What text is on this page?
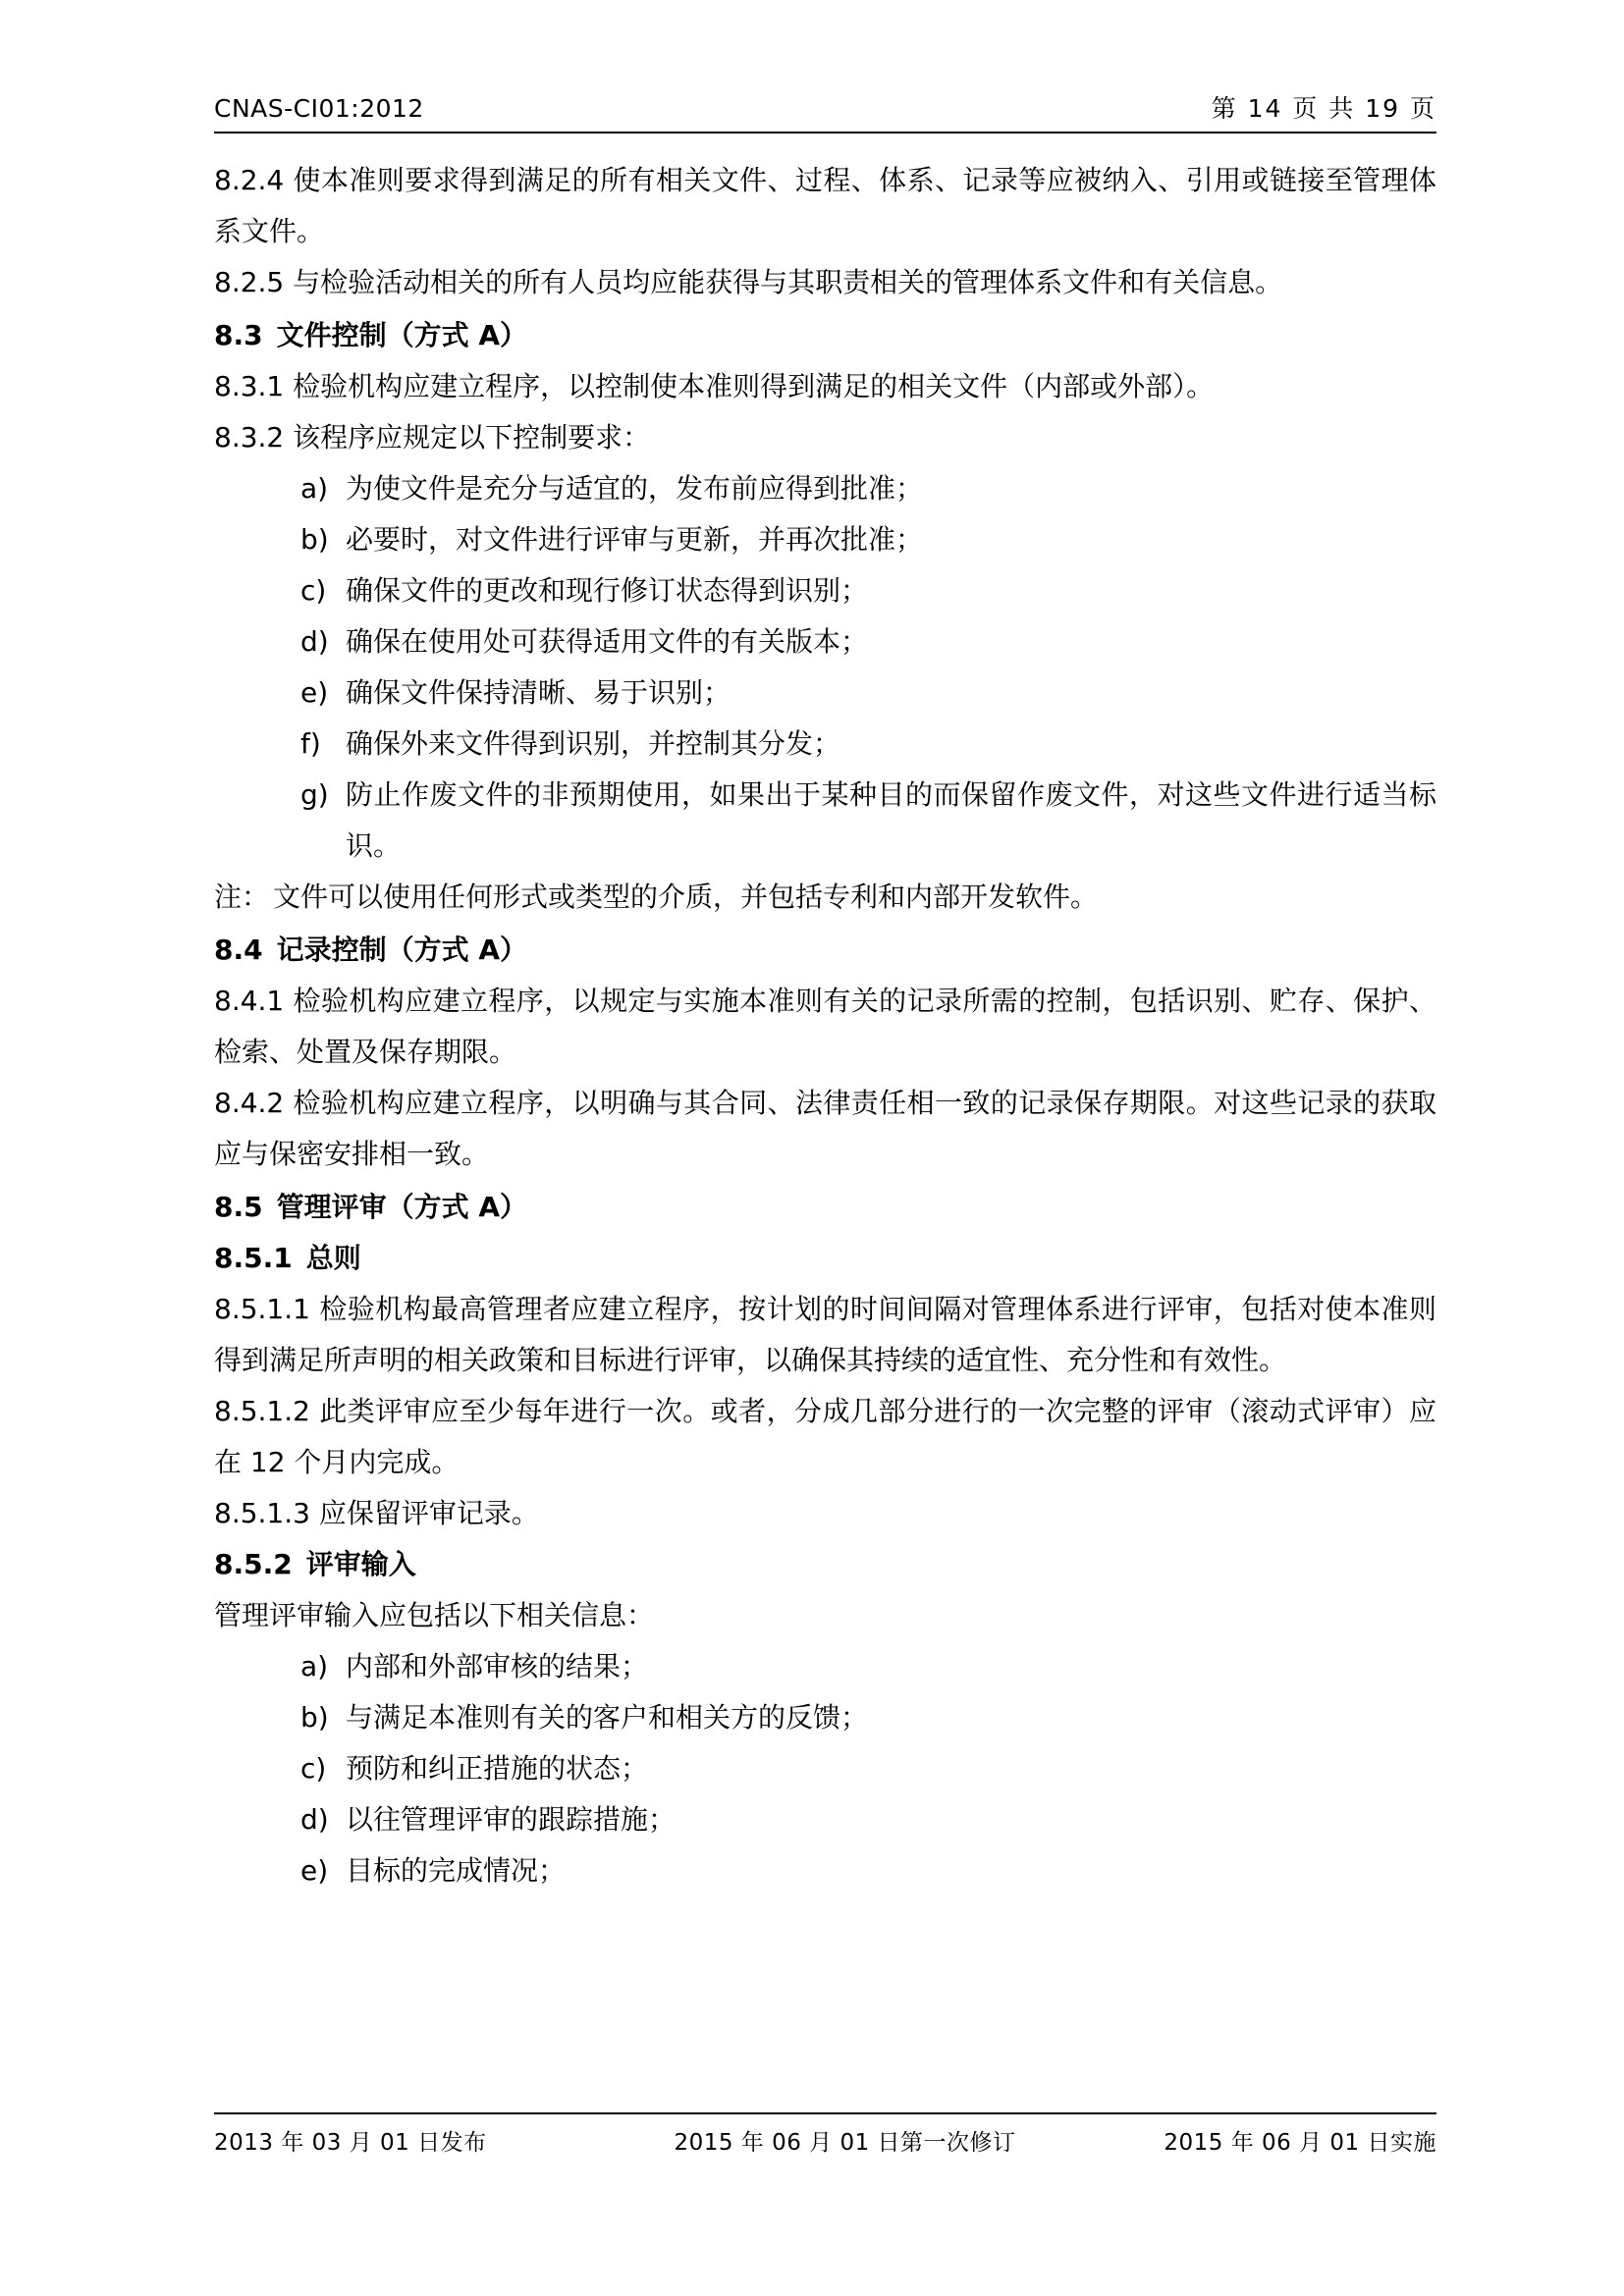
CNAS-CI01:2012	第 14 页 共 19 页

8.2.4 使本准则要求得到满足的所有相关文件、过程、体系、记录等应被纳入、引用或链接至管理体系文件。

8.2.5 与检验活动相关的所有人员均应能获得与其职责相关的管理体系文件和有关信息。

8.3 文件控制（方式 A）

8.3.1 检验机构应建立程序，以控制使本准则得到满足的相关文件（内部或外部）。

8.3.2 该程序应规定以下控制要求：

a) 为使文件是充分与适宜的，发布前应得到批准；
b) 必要时，对文件进行评审与更新，并再次批准；
c) 确保文件的更改和现行修订状态得到识别；
d) 确保在使用处可获得适用文件的有关版本；
e) 确保文件保持清晰、易于识别；
f) 确保外来文件得到识别，并控制其分发；
g) 防止作废文件的非预期使用，如果出于某种目的而保留作废文件，对这些文件进行适当标识。

注： 文件可以使用任何形式或类型的介质，并包括专利和内部开发软件。

8.4 记录控制（方式 A）

8.4.1 检验机构应建立程序，以规定与实施本准则有关的记录所需的控制，包括识别、贮存、保护、检索、处置及保存期限。

8.4.2 检验机构应建立程序，以明确与其合同、法律责任相一致的记录保存期限。对这些记录的获取应与保密安排相一致。

8.5 管理评审（方式 A）

8.5.1 总则

8.5.1.1 检验机构最高管理者应建立程序，按计划的时间间隔对管理体系进行评审，包括对使本准则得到满足所声明的相关政策和目标进行评审，以确保其持续的适宜性、充分性和有效性。

8.5.1.2 此类评审应至少每年进行一次。或者，分成几部分进行的一次完整的评审（滚动式评审）应在 12 个月内完成。

8.5.1.3 应保留评审记录。

8.5.2 评审输入

管理评审输入应包括以下相关信息：

a) 内部和外部审核的结果；
b) 与满足本准则有关的客户和相关方的反馈；
c) 预防和纠正措施的状态；
d) 以往管理评审的跟踪措施；
e) 目标的完成情况；
2013 年 03 月 01 日发布	2015 年 06 月 01 日第一次修订	2015 年 06 月 01 日实施
